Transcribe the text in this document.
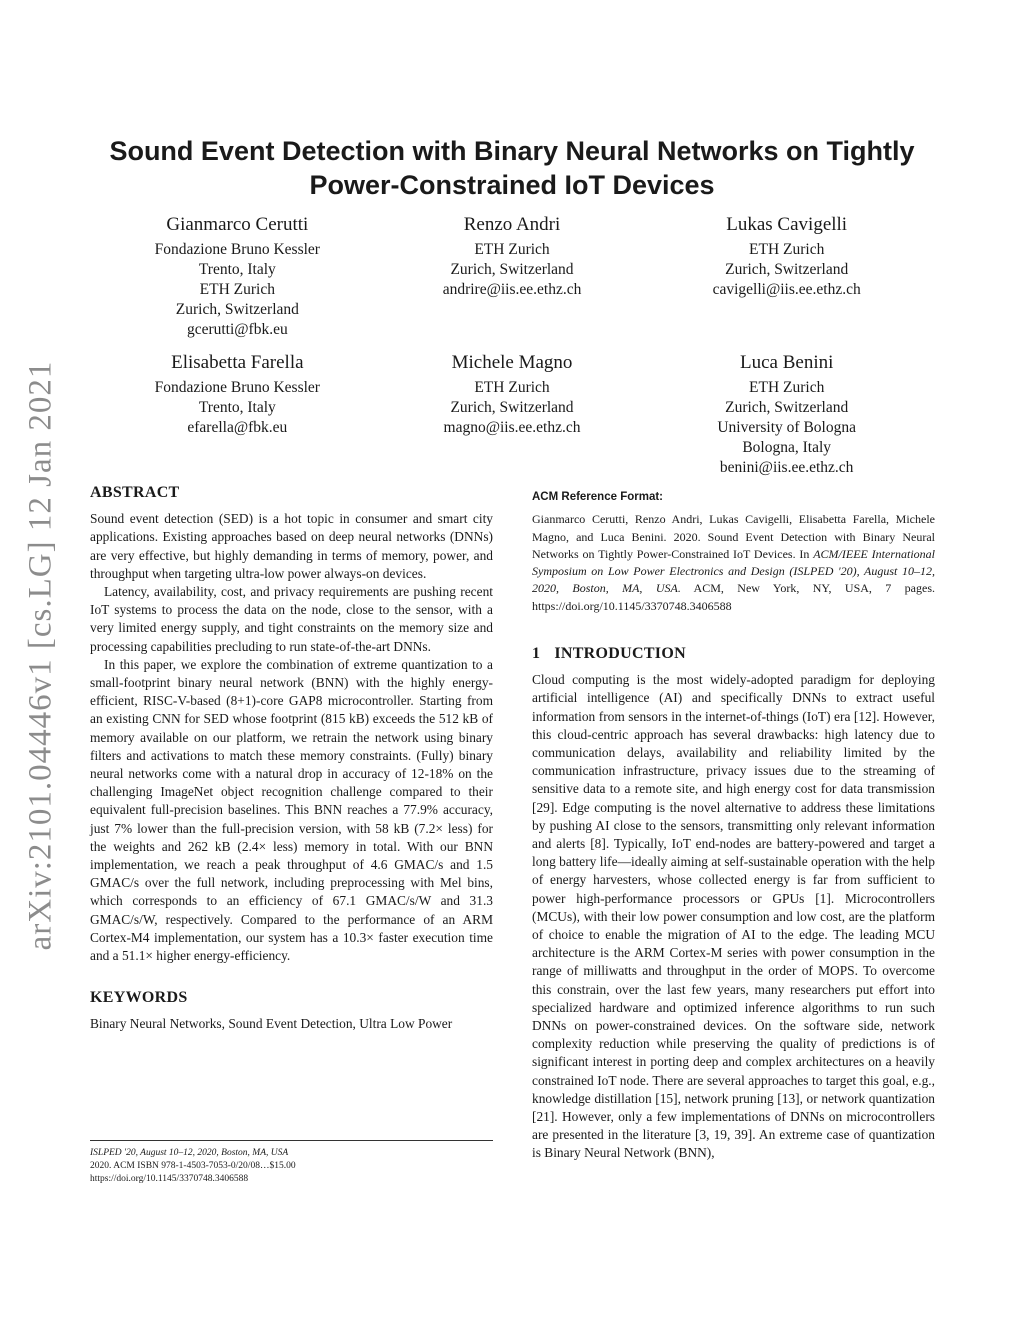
arXiv:2101.04446v1 [cs.LG] 12 Jan 2021
Sound Event Detection with Binary Neural Networks on Tightly Power-Constrained IoT Devices
Gianmarco Cerutti
Fondazione Bruno Kessler
Trento, Italy
ETH Zurich
Zurich, Switzerland
gcerutti@fbk.eu
Renzo Andri
ETH Zurich
Zurich, Switzerland
andrire@iis.ee.ethz.ch
Lukas Cavigelli
ETH Zurich
Zurich, Switzerland
cavigelli@iis.ee.ethz.ch
Elisabetta Farella
Fondazione Bruno Kessler
Trento, Italy
efarella@fbk.eu
Michele Magno
ETH Zurich
Zurich, Switzerland
magno@iis.ee.ethz.ch
Luca Benini
ETH Zurich
Zurich, Switzerland
University of Bologna
Bologna, Italy
benini@iis.ee.ethz.ch
ABSTRACT

Sound event detection (SED) is a hot topic in consumer and smart city applications. Existing approaches based on deep neural networks (DNNs) are very effective, but highly demanding in terms of memory, power, and throughput when targeting ultra-low power always-on devices.

Latency, availability, cost, and privacy requirements are pushing recent IoT systems to process the data on the node, close to the sensor, with a very limited energy supply, and tight constraints on the memory size and processing capabilities precluding to run state-of-the-art DNNs.

In this paper, we explore the combination of extreme quantization to a small-footprint binary neural network (BNN) with the highly energy-efficient, RISC-V-based (8+1)-core GAP8 microcontroller. Starting from an existing CNN for SED whose footprint (815 kB) exceeds the 512 kB of memory available on our platform, we retrain the network using binary filters and activations to match these memory constraints. (Fully) binary neural networks come with a natural drop in accuracy of 12-18% on the challenging ImageNet object recognition challenge compared to their equivalent full-precision baselines. This BNN reaches a 77.9% accuracy, just 7% lower than the full-precision version, with 58 kB (7.2× less) for the weights and 262 kB (2.4× less) memory in total. With our BNN implementation, we reach a peak throughput of 4.6 GMAC/s and 1.5 GMAC/s over the full network, including preprocessing with Mel bins, which corresponds to an efficiency of 67.1 GMAC/s/W and 31.3 GMAC/s/W, respectively. Compared to the performance of an ARM Cortex-M4 implementation, our system has a 10.3× faster execution time and a 51.1× higher energy-efficiency.

KEYWORDS

Binary Neural Networks, Sound Event Detection, Ultra Low Power

ISLPED '20, August 10–12, 2020, Boston, MA, USA
2020. ACM ISBN 978-1-4503-7053-0/20/08…$15.00
https://doi.org/10.1145/3370748.3406588
ACM Reference Format:

Gianmarco Cerutti, Renzo Andri, Lukas Cavigelli, Elisabetta Farella, Michele Magno, and Luca Benini. 2020. Sound Event Detection with Binary Neural Networks on Tightly Power-Constrained IoT Devices. In ACM/IEEE International Symposium on Low Power Electronics and Design (ISLPED '20), August 10–12, 2020, Boston, MA, USA. ACM, New York, NY, USA, 7 pages. https://doi.org/10.1145/3370748.3406588

1 INTRODUCTION

Cloud computing is the most widely-adopted paradigm for deploying artificial intelligence (AI) and specifically DNNs to extract useful information from sensors in the internet-of-things (IoT) era [12]. However, this cloud-centric approach has several drawbacks: high latency due to communication delays, availability and reliability limited by the communication infrastructure, privacy issues due to the streaming of sensitive data to a remote site, and high energy cost for data transmission [29]. Edge computing is the novel alternative to address these limitations by pushing AI close to the sensors, transmitting only relevant information and alerts [8]. Typically, IoT end-nodes are battery-powered and target a long battery life—ideally aiming at self-sustainable operation with the help of energy harvesters, whose collected energy is far from sufficient to power high-performance processors or GPUs [1]. Microcontrollers (MCUs), with their low power consumption and low cost, are the platform of choice to enable the migration of AI to the edge. The leading MCU architecture is the ARM Cortex-M series with power consumption in the range of milliwatts and throughput in the order of MOPS. To overcome this constrain, over the last few years, many researchers put effort into specialized hardware and optimized inference algorithms to run such DNNs on power-constrained devices. On the software side, network complexity reduction while preserving the quality of predictions is of significant interest in porting deep and complex architectures on a heavily constrained IoT node. There are several approaches to target this goal, e.g., knowledge distillation [15], network pruning [13], or network quantization [21]. However, only a few implementations of DNNs on microcontrollers are presented in the literature [3, 19, 39]. An extreme case of quantization is Binary Neural Network (BNN),
